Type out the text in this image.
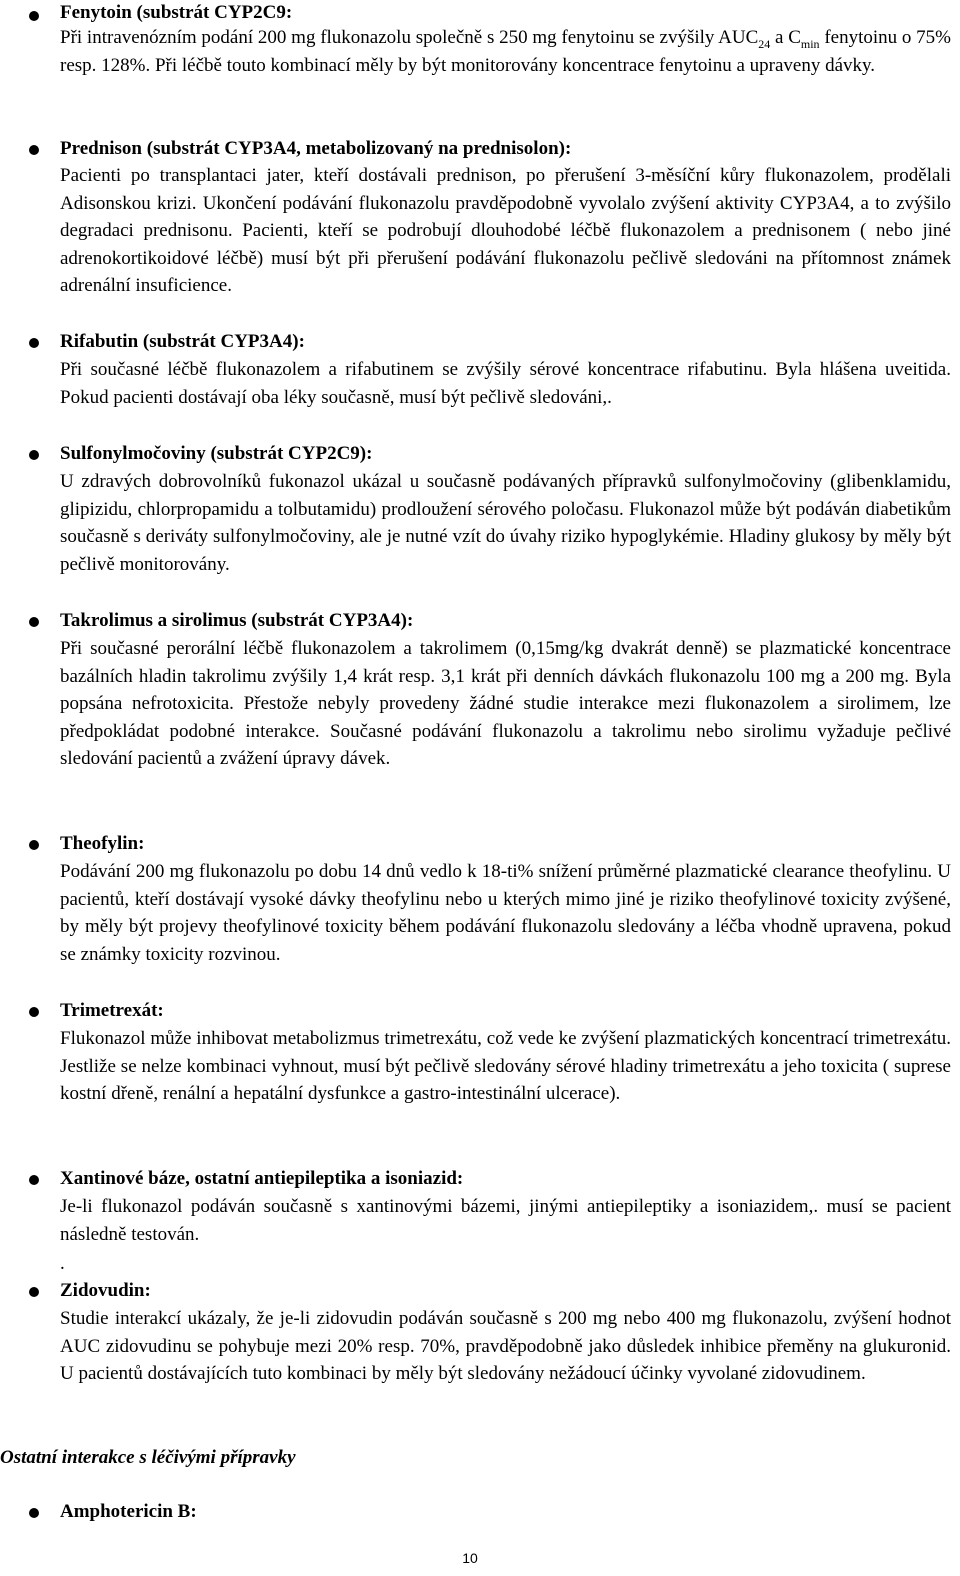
Fenytoin (substrát CYP2C9:
Při intravenózním podání 200 mg flukonazolu společně s 250 mg fenytoinu se zvýšily $AUC_{24}$ a $C_{min}$ fenytoinu o 75% resp. 128%. Při léčbě touto kombinací měly by být monitorovány koncentrace fenytoinu a upraveny dávky.
Prednison (substrát CYP3A4, metabolizovaný na prednisolon):
Pacienti po transplantaci jater, kteří dostávali prednison, po přerušení 3-měsíční kůry flukonazolem, prodělali Adisonskou krizi. Ukončení podávání flukonazolu pravděpodobně vyvolalo zvýšení aktivity CYP3A4, a to zvýšilo degradaci prednisonu. Pacienti, kteří se podrobují dlouhodobé léčbě flukonazolem a prednisonem ( nebo jiné adrenokortikoidové léčbě) musí být při přerušení podávání flukonazolu pečlivě sledováni na přítomnost známek adrenální insuficience.
Rifabutin (substrát CYP3A4):
Při současné léčbě flukonazolem a rifabutinem se zvýšily sérové koncentrace rifabutinu. Byla hlášena uveitida. Pokud pacienti dostávají oba léky současně, musí být pečlivě sledováni,.
Sulfonylmočoviny (substrát CYP2C9):
U zdravých dobrovolníků fukonazol ukázal u současně podávaných přípravků sulfonylmočoviny (glibenklamidu, glipizidu, chlorpropamidu a tolbutamidu) prodloužení sérového poločasu. Flukonazol může být podáván diabetikům současně s deriváty sulfonylmočoviny, ale je nutné vzít do úvahy riziko hypoglykémie. Hladiny glukosy by měly být pečlivě monitorovány.
Takrolimus a sirolimus (substrát CYP3A4):
Při současné perorální léčbě flukonazolem a takrolimem (0,15mg/kg dvakrát denně) se plazmatické koncentrace bazálních hladin takrolimu zvýšily 1,4 krát resp. 3,1 krát při denních dávkách flukonazolu 100 mg a 200 mg. Byla popsána nefrotoxicita. Přestože nebyly provedeny žádné studie interakce mezi flukonazolem a sirolimem, lze předpokládat podobné interakce. Současné podávání flukonazolu a takrolimu nebo sirolimu vyžaduje pečlivé sledování pacientů a zvážení úpravy dávek.
Theofylin:
Podávání 200 mg flukonazolu po dobu 14 dnů vedlo k 18-ti% snížení průměrné plazmatické clearance theofylinu. U pacientů, kteří dostávají vysoké dávky theofylinu nebo u kterých mimo jiné je riziko theofylinové toxicity zvýšené, by měly být projevy theofylinové toxicity během podávání flukonazolu sledovány a léčba vhodně upravena, pokud se známky toxicity rozvinou.
Trimetrexát:
Flukonazol může inhibovat metabolizmus trimetrexátu, což vede ke zvýšení plazmatických koncentrací trimetrexátu. Jestliže se nelze kombinaci vyhnout, musí být pečlivě sledovány sérové hladiny trimetrexátu a jeho toxicita ( suprese kostní dřeně, renální a hepatální dysfunkce a gastro-intestinální ulcerace).
Xantinové báze, ostatní antiepileptika a isoniazid:
Je-li flukonazol podáván současně s xantinovými bázemi, jinými antiepileptiky a isoniazidem,. musí se pacient následně testován.
.
Zidovudin:
Studie interakcí ukázaly, že je-li zidovudin podáván současně s 200 mg nebo 400 mg flukonazolu, zvýšení hodnot AUC zidovudinu se pohybuje mezi 20% resp. 70%, pravděpodobně jako důsledek inhibice přeměny na glukuronid. U pacientů dostávajících tuto kombinaci by měly být sledovány nežádoucí účinky vyvolané zidovudinem.
Ostatní interakce s léčivými přípravky
Amphotericin B:
10
